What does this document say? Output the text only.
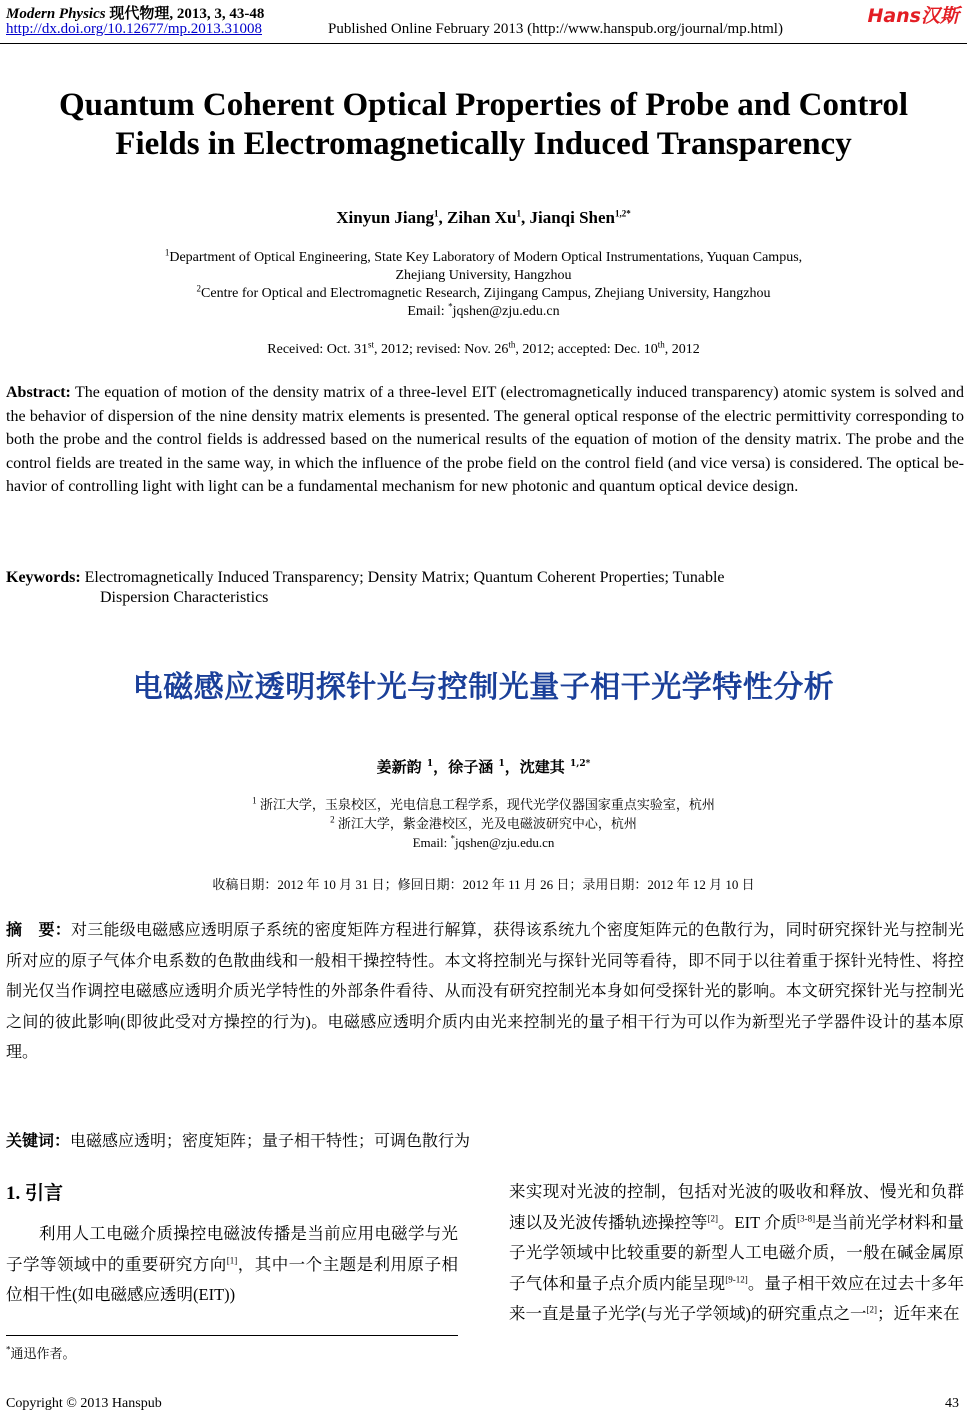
Modern Physics 现代物理, 2013, 3, 43-48
http://dx.doi.org/10.12677/mp.2013.31008	Published Online February 2013 (http://www.hanspub.org/journal/mp.html)
Hans汉斯
Quantum Coherent Optical Properties of Probe and Control
Fields in Electromagnetically Induced Transparency
Xinyun Jiang$^1$, Zihan Xu$^1$, Jianqi Shen$^{1,2*}$
$^1$Department of Optical Engineering, State Key Laboratory of Modern Optical Instrumentations, Yuquan Campus,
Zhejiang University, Hangzhou
$^2$Centre for Optical and Electromagnetic Research, Zijingang Campus, Zhejiang University, Hangzhou
Email: *jqshen@zju.edu.cn
Received: Oct. 31st, 2012; revised: Nov. 26th, 2012; accepted: Dec. 10th, 2012
Abstract: The equation of motion of the density matrix of a three-level EIT (electromagnetically induced transparency) atomic system is solved and the behavior of dispersion of the nine density matrix elements is presented. The general optical response of the electric permittivity corresponding to both the probe and the control fields is addressed based on the numerical results of the equation of motion of the density matrix. The probe and the control fields are treated in the same way, in which the influence of the probe field on the control field (and vice versa) is considered. The optical be-havior of controlling light with light can be a fundamental mechanism for new photonic and quantum optical device design.
Keywords: Electromagnetically Induced Transparency; Density Matrix; Quantum Coherent Properties; Tunable
Dispersion Characteristics
电磁感应透明探针光与控制光量子相干光学特性分析
姜新韵 $^1$，徐子涵 $^1$，沈建其 $^{1,2*}$
$^1$ 浙江大学，玉泉校区，光电信息工程学系，现代光学仪器国家重点实验室，杭州
$^2$ 浙江大学，紫金港校区，光及电磁波研究中心，杭州
Email: *jqshen@zju.edu.cn
收稿日期：2012 年 10 月 31 日；修回日期：2012 年 11 月 26 日；录用日期：2012 年 12 月 10 日
摘　要：对三能级电磁感应透明原子系统的密度矩阵方程进行解算，获得该系统九个密度矩阵元的色散行为，同时研究探针光与控制光所对应的原子气体介电系数的色散曲线和一般相干操控特性。本文将控制光与探针光同等看待，即不同于以往着重于探针光特性、将控制光仅当作调控电磁感应透明介质光学特性的外部条件看待、从而没有研究控制光本身如何受探针光的影响。本文研究探针光与控制光之间的彼此影响(即彼此受对方操控的行为)。电磁感应透明介质内由光来控制光的量子相干行为可以作为新型光子学器件设计的基本原理。
关键词：电磁感应透明；密度矩阵；量子相干特性；可调色散行为
1. 引言
利用人工电磁介质操控电磁波传播是当前应用电磁学与光子学等领域中的重要研究方向[1]，其中一个主题是利用原子相位相干性(如电磁感应透明(EIT))
来实现对光波的控制，包括对光波的吸收和释放、慢光和负群速以及光波传播轨迹操控等[2]。EIT 介质[3-8]是当前光学材料和量子光学领域中比较重要的新型人工电磁介质，一般在碱金属原子气体和量子点介质内能呈现[9-12]。量子相干效应在过去十多年来一直是量子光学(与光子学领域)的研究重点之一[2]；近年来在
*通迅作者。
Copyright © 2013 Hanspub	43
